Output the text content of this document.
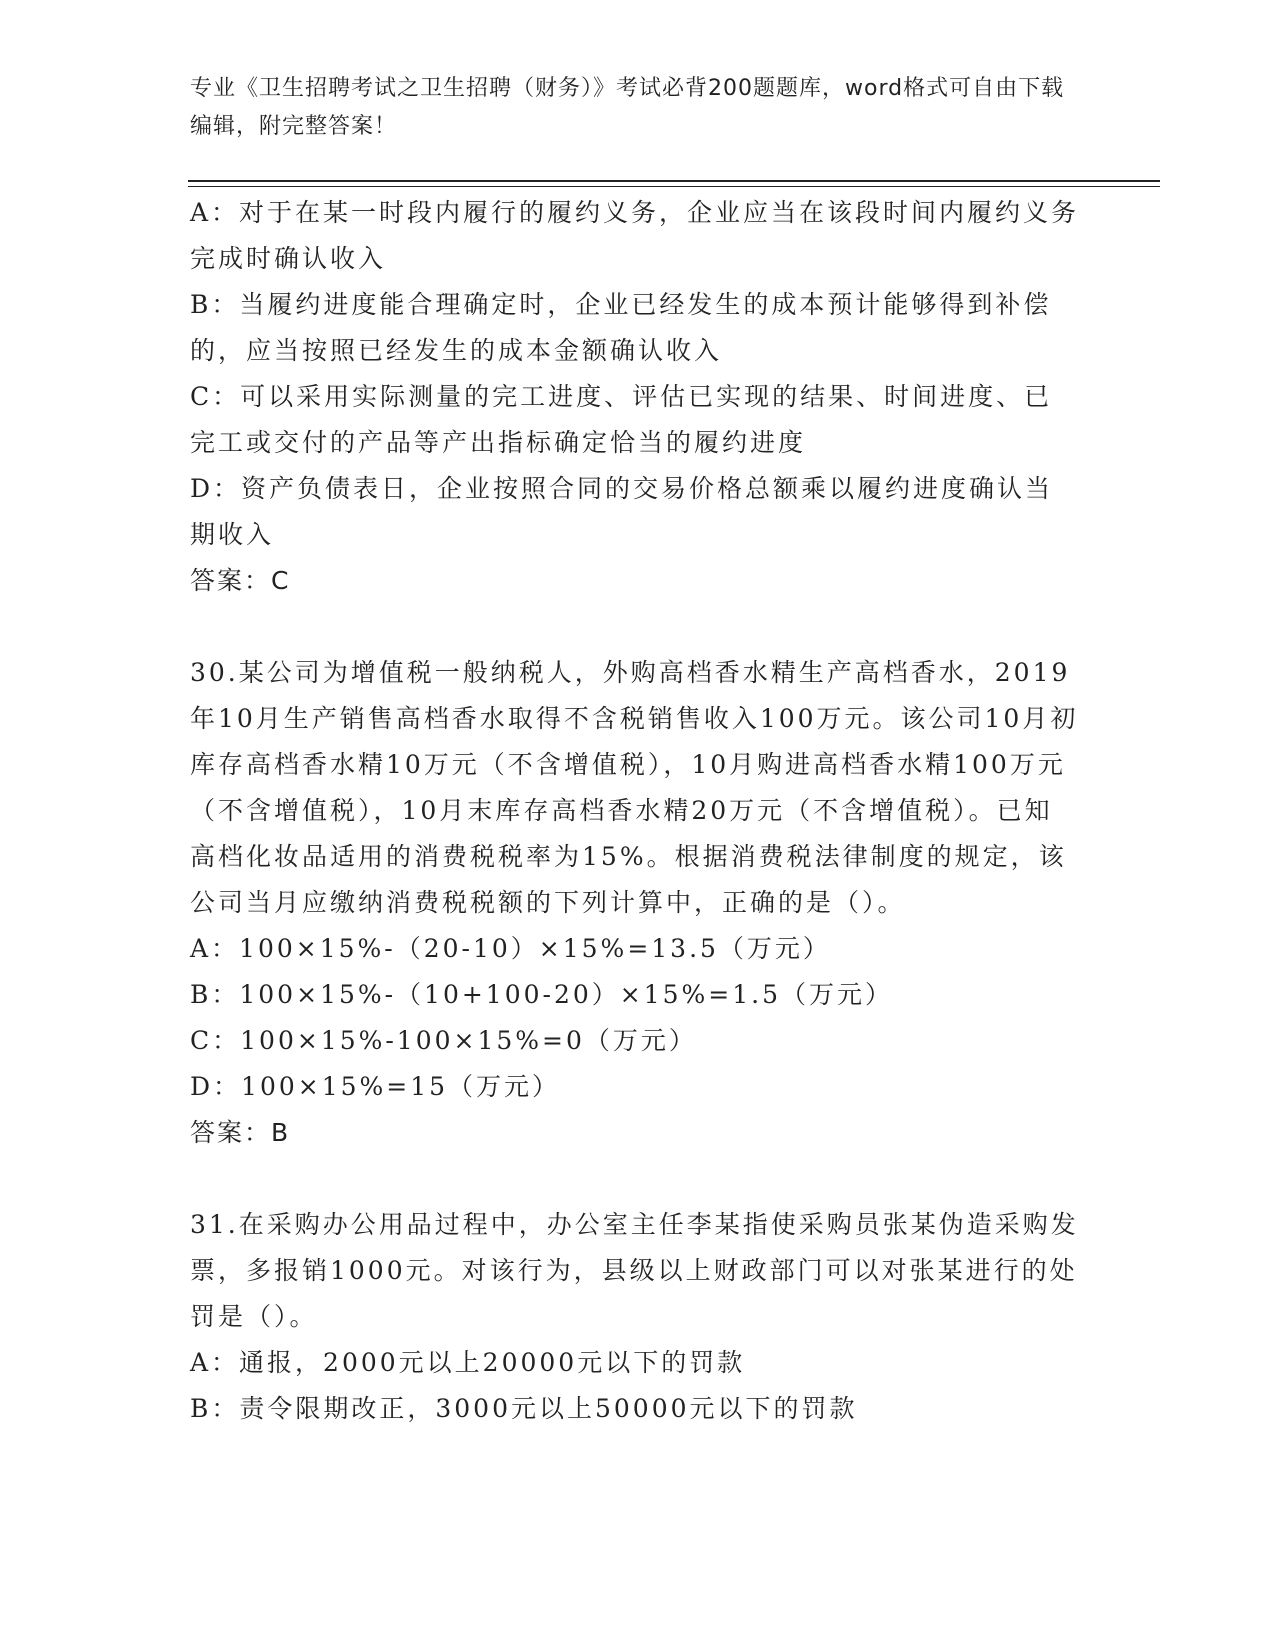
专业《卫生招聘考试之卫生招聘（财务）》考试必背200题题库，word格式可自由下载编辑，附完整答案！

A：对于在某一时段内履行的履约义务，企业应当在该段时间内履约义务完成时确认收入

B：当履约进度能合理确定时，企业已经发生的成本预计能够得到补偿的，应当按照已经发生的成本金额确认收入

C：可以采用实际测量的完工进度、评估已实现的结果、时间进度、已完工或交付的产品等产出指标确定恰当的履约进度

D：资产负债表日，企业按照合同的交易价格总额乘以履约进度确认当期收入

答案：C

30.某公司为增值税一般纳税人，外购高档香水精生产高档香水，2019年10月生产销售高档香水取得不含税销售收入100万元。该公司10月初库存高档香水精10万元（不含增值税），10月购进高档香水精100万元（不含增值税），10月末库存高档香水精20万元（不含增值税）。已知高档化妆品适用的消费税税率为15%。根据消费税法律制度的规定，该公司当月应缴纳消费税税额的下列计算中，正确的是（）。

A：100×15%-（20-10）×15%=13.5（万元）

B：100×15%-（10+100-20）×15%=1.5（万元）

C：100×15%-100×15%=0（万元）

D：100×15%=15（万元）

答案：B

31.在采购办公用品过程中，办公室主任李某指使采购员张某伪造采购发票，多报销1000元。对该行为，县级以上财政部门可以对张某进行的处罚是（）。

A：通报，2000元以上20000元以下的罚款

B：责令限期改正，3000元以上50000元以下的罚款
